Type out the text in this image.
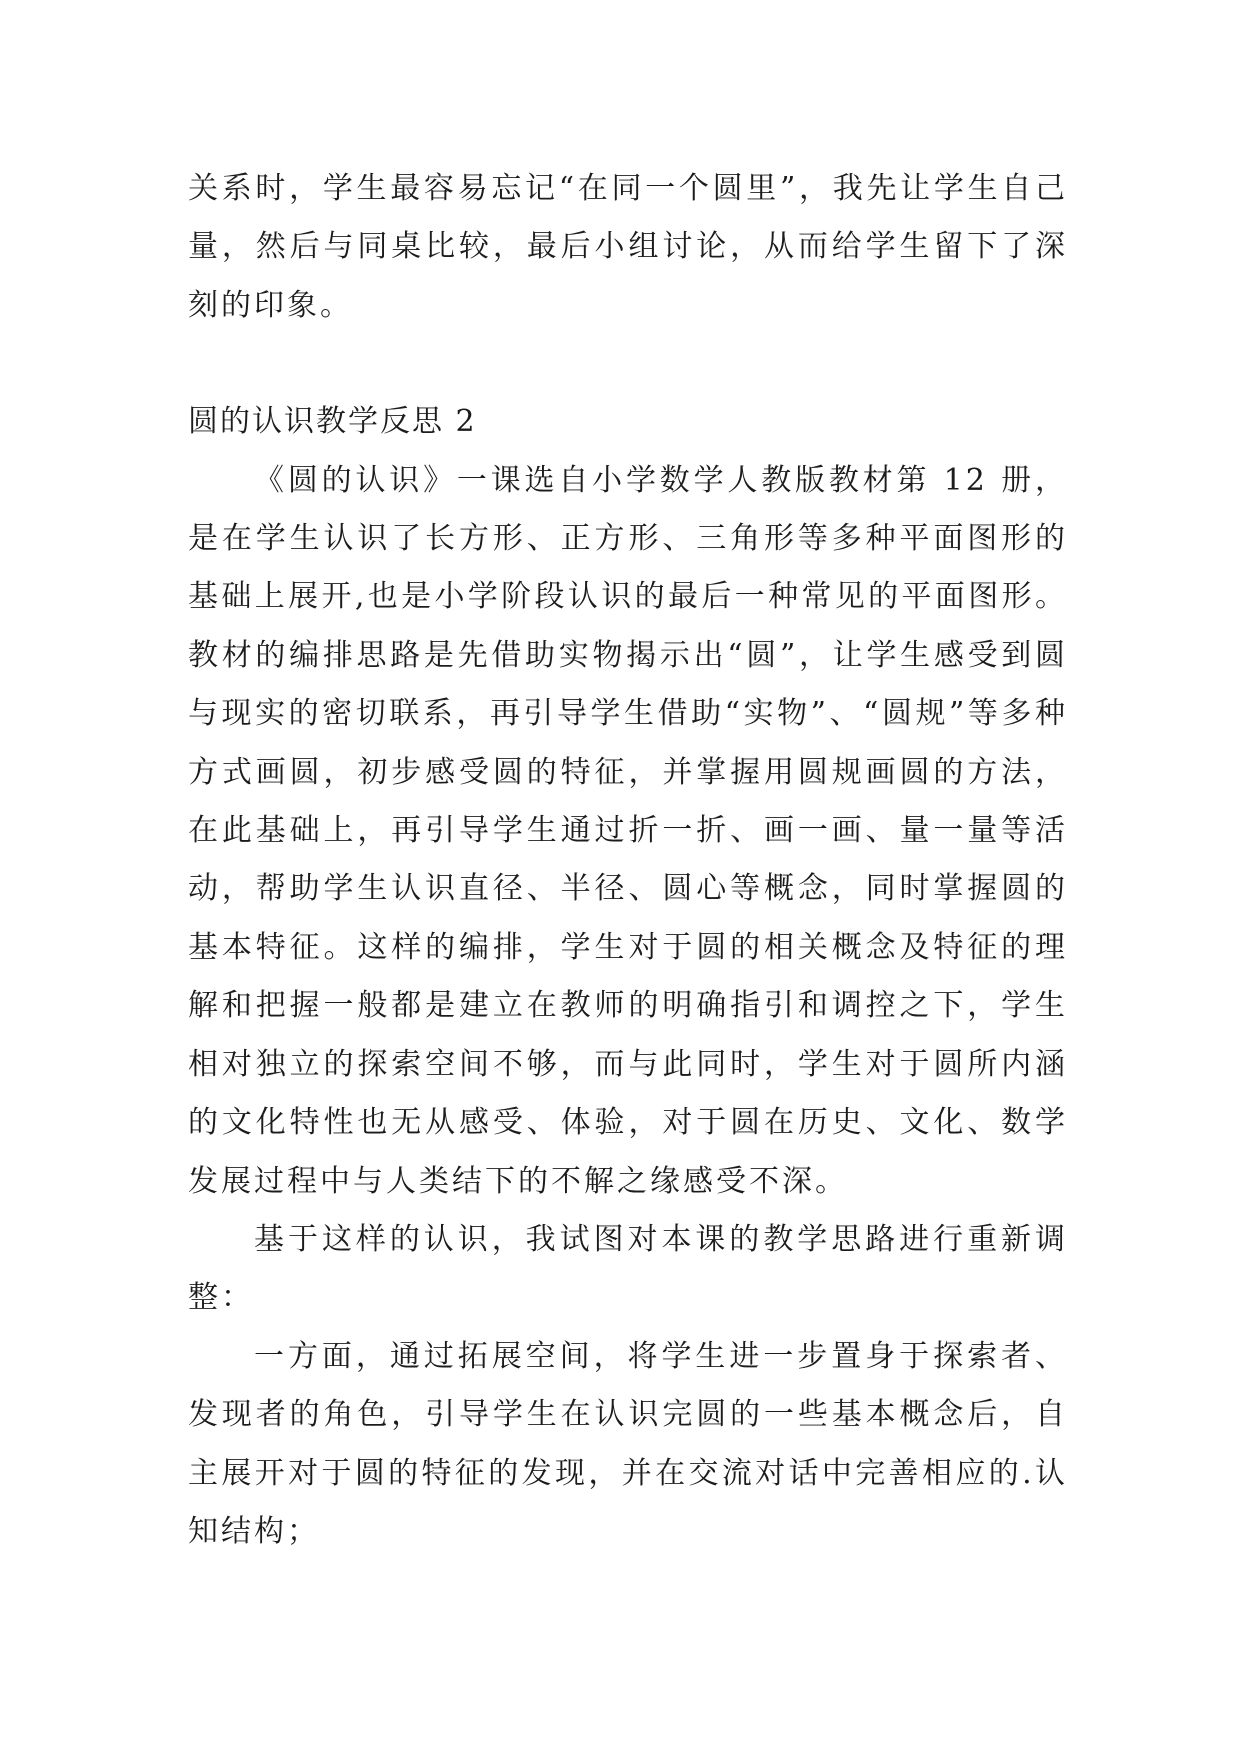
关系时，学生最容易忘记“在同一个圆里”，我先让学生自己量，然后与同桌比较，最后小组讨论，从而给学生留下了深刻的印象。

圆的认识教学反思 2

《圆的认识》一课选自小学数学人教版教材第 12 册，是在学生认识了长方形、正方形、三角形等多种平面图形的基础上展开,也是小学阶段认识的最后一种常见的平面图形。教材的编排思路是先借助实物揭示出“圆”，让学生感受到圆与现实的密切联系，再引导学生借助“实物”、“圆规”等多种方式画圆，初步感受圆的特征，并掌握用圆规画圆的方法，在此基础上，再引导学生通过折一折、画一画、量一量等活动，帮助学生认识直径、半径、圆心等概念，同时掌握圆的基本特征。这样的编排，学生对于圆的相关概念及特征的理解和把握一般都是建立在教师的明确指引和调控之下，学生相对独立的探索空间不够，而与此同时，学生对于圆所内涵的文化特性也无从感受、体验，对于圆在历史、文化、数学发展过程中与人类结下的不解之缘感受不深。

基于这样的认识，我试图对本课的教学思路进行重新调整：

一方面，通过拓展空间，将学生进一步置身于探索者、发现者的角色，引导学生在认识完圆的一些基本概念后，自主展开对于圆的特征的发现，并在交流对话中完善相应的.认知结构；
